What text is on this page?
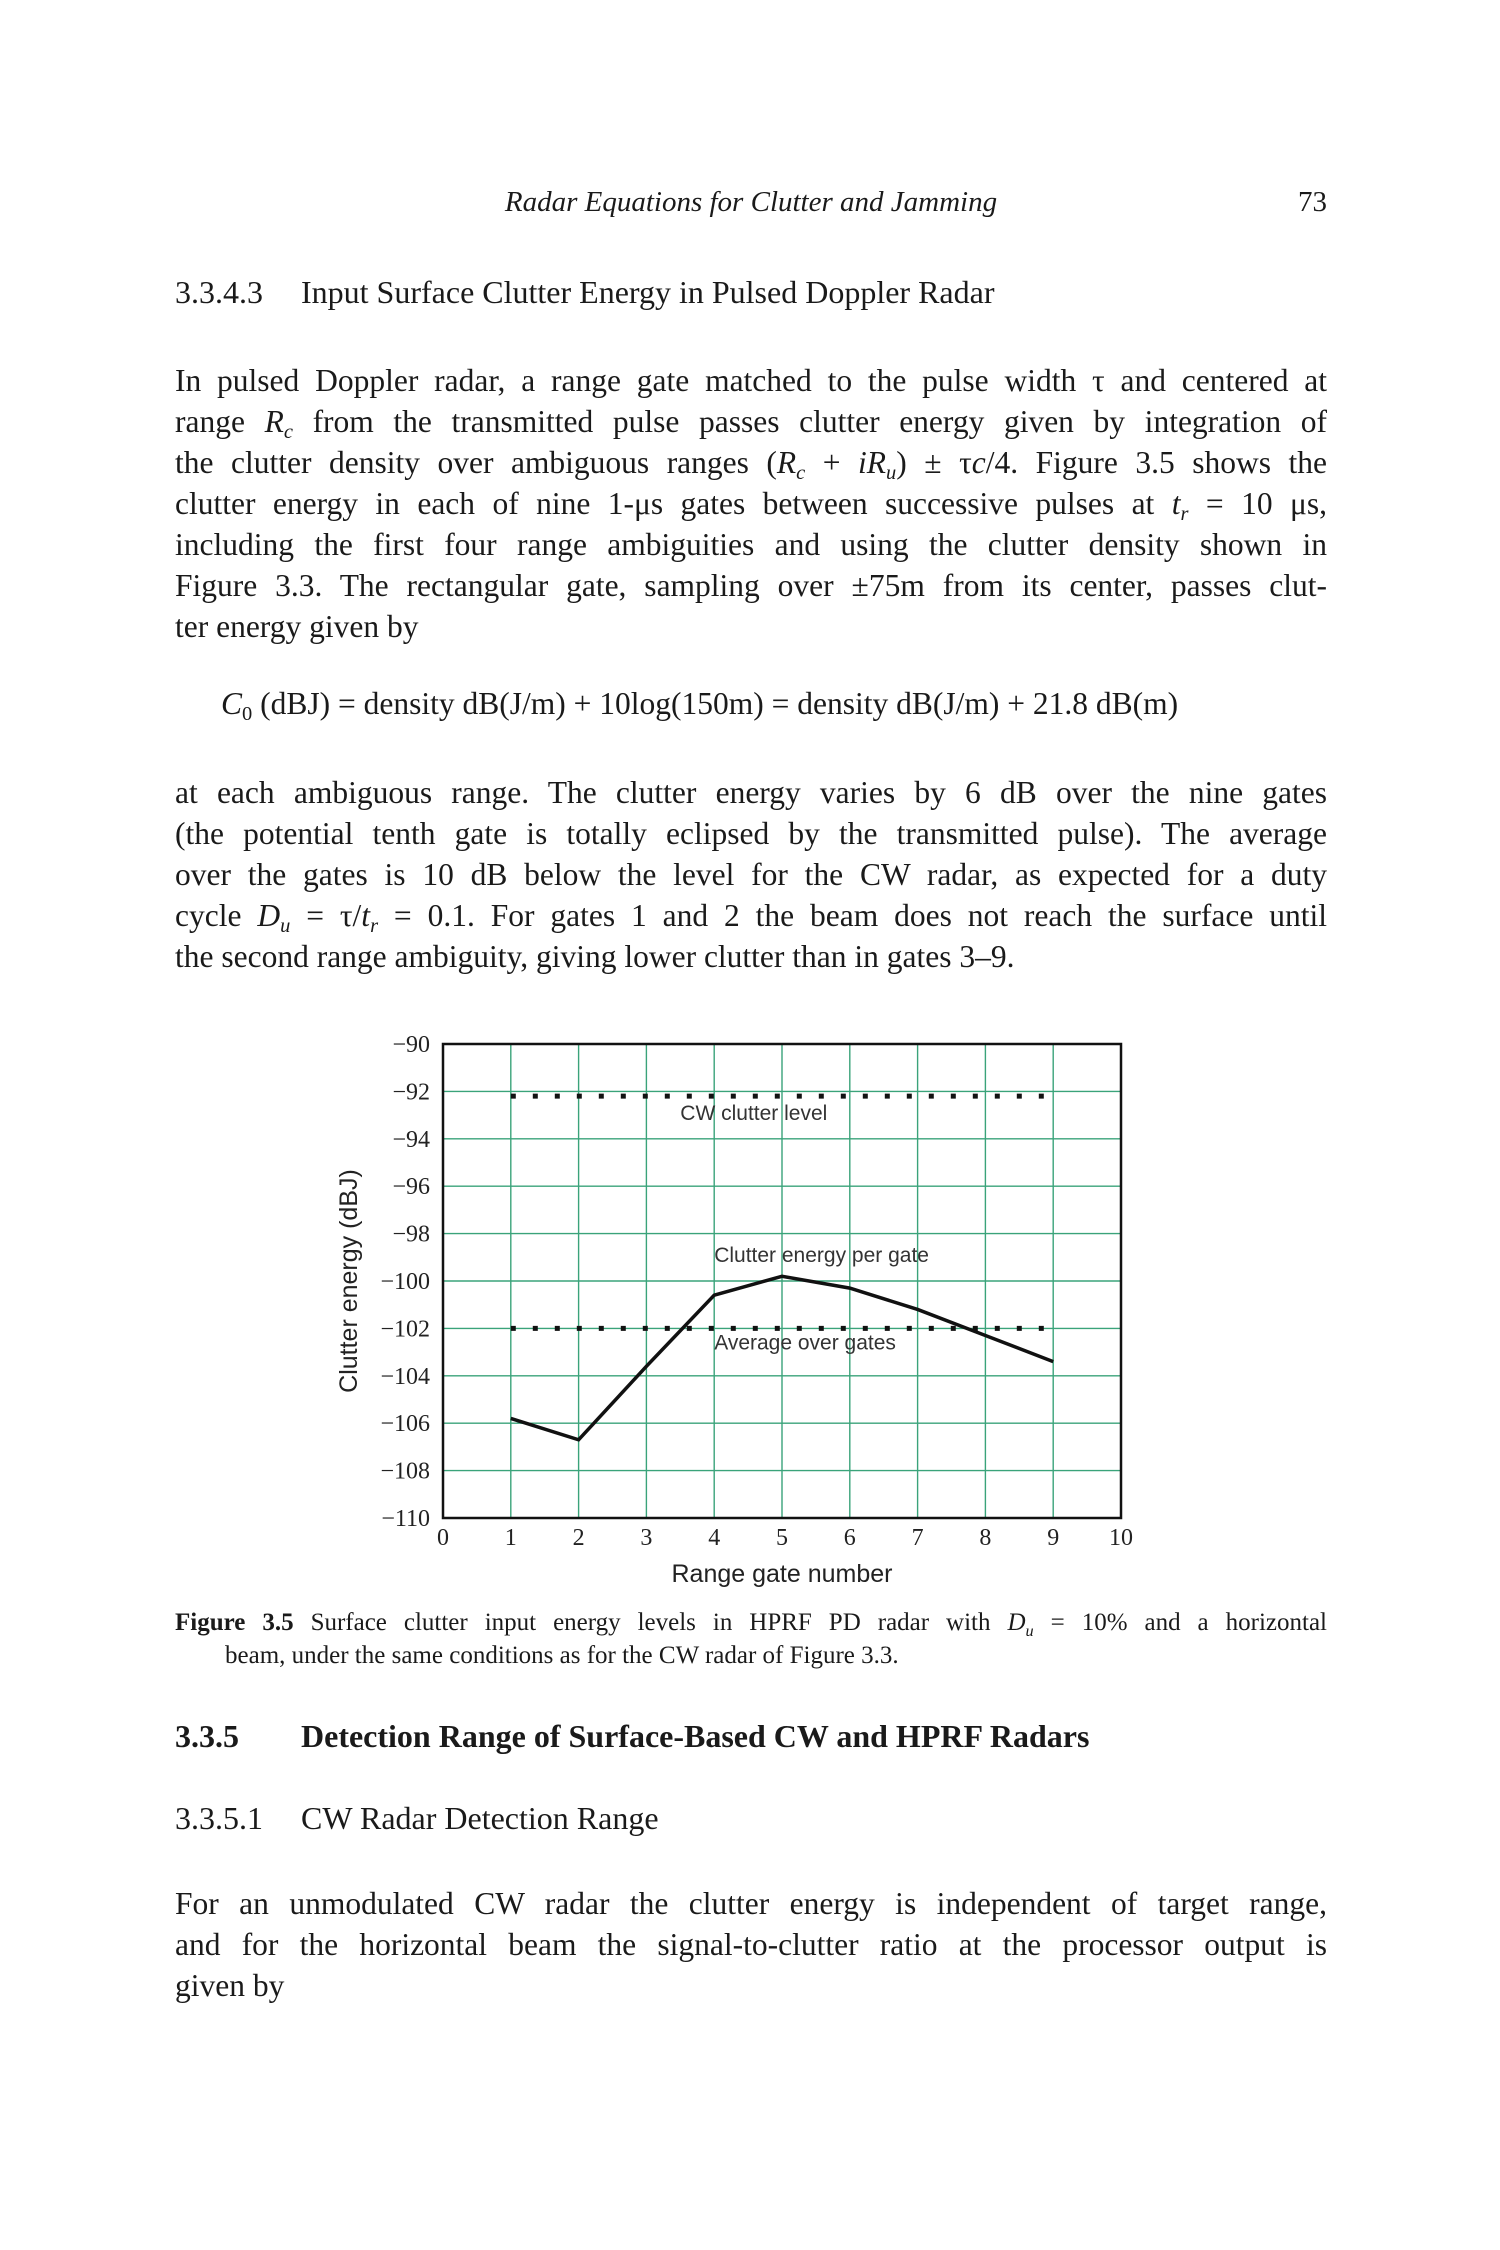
Radar Equations for Clutter and Jamming	73
3.3.4.3 Input Surface Clutter Energy in Pulsed Doppler Radar
In pulsed Doppler radar, a range gate matched to the pulse width τ and centered at
range $R_c$ from the transmitted pulse passes clutter energy given by integration of
the clutter density over ambiguous ranges $(R_c + iR_u) \pm \tau c/4$. Figure 3.5 shows the
clutter energy in each of nine 1-μs gates between successive pulses at $t_r = 10$ μs,
including the first four range ambiguities and using the clutter density shown in
Figure 3.3. The rectangular gate, sampling over ±75m from its center, passes clut-
ter energy given by
$C_0$ (dBJ) = density dB(J/m) + 10log(150m) = density dB(J/m) + 21.8 dB(m)
at each ambiguous range. The clutter energy varies by 6 dB over the nine gates
(the potential tenth gate is totally eclipsed by the transmitted pulse). The average
over the gates is 10 dB below the level for the CW radar, as expected for a duty
cycle $D_u = \tau/t_r = 0.1$. For gates 1 and 2 the beam does not reach the surface until
the second range ambiguity, giving lower clutter than in gates 3–9.
−90
−92
−94
−96
−98
−100
−102
−104
−106
−108
−110
0 1 2 3 4 5 6 7 8 9 10
Clutter energy (dBJ)
Range gate number
CW clutter level
Clutter energy per gate
Average over gates
Figure 3.5 Surface clutter input energy levels in HPRF PD radar with $D_u = 10\%$ and a horizontal
beam, under the same conditions as for the CW radar of Figure 3.3.
3.3.5 Detection Range of Surface-Based CW and HPRF Radars
3.3.5.1 CW Radar Detection Range
For an unmodulated CW radar the clutter energy is independent of target range,
and for the horizontal beam the signal-to-clutter ratio at the processor output is
given by
